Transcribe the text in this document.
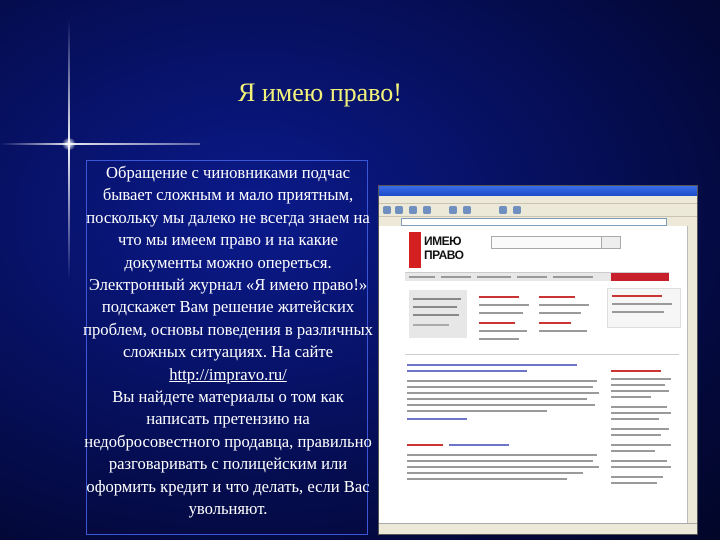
Я имею право!

Обращение с чиновниками подчас бывает сложным и мало приятным, поскольку мы далеко не всегда знаем на что мы имеем право и на какие документы можно опереться. Электронный журнал «Я имею право!» подскажет Вам решение житейских проблем, основы поведения в различных сложных ситуациях. На сайте

http://impravo.ru/

Вы найдете материалы о том как написать претензию на недобросовестного продавца, правильно разговаривать с полицейским или оформить кредит и что делать, если Вас увольняют.

ИМЕЮ
ПРАВО
